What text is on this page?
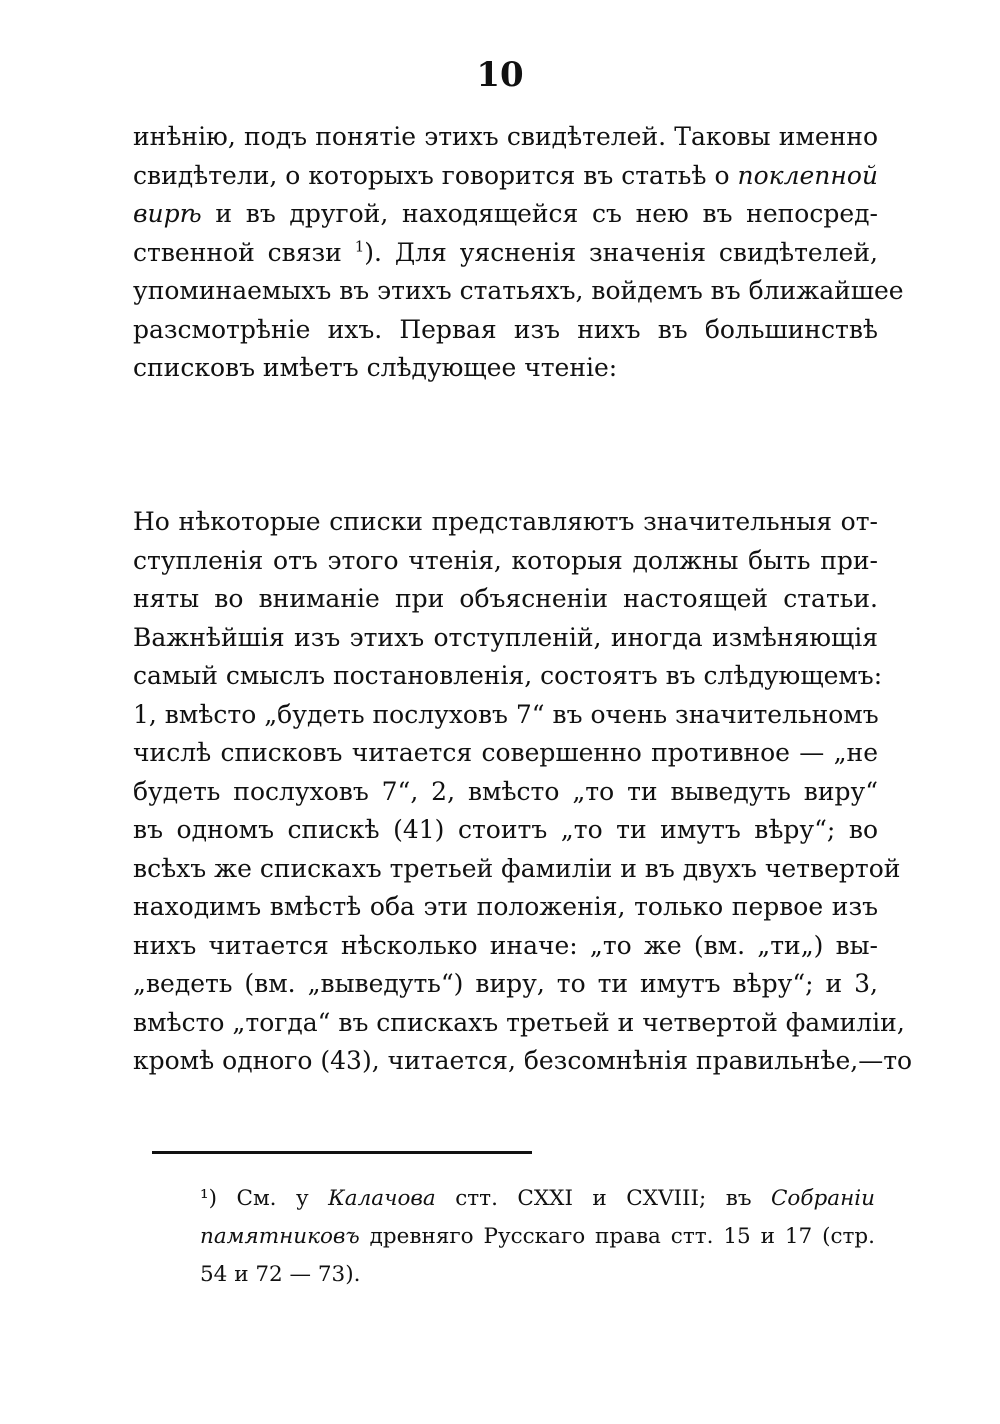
10
инѣнію, подъ понятіе этихъ свидѣтелей. Таковы именно
свидѣтели, о которыхъ говорится въ статьѣ о поклепной
вирѣ и въ другой, находящейся съ нею въ непосред-
ственной связи $^1$). Для уясненія значенія свидѣтелей,
упоминаемыхъ въ этихъ статьяхъ, войдемъ въ ближайшее
разсмотрѣніе ихъ. Первая изъ нихъ въ большинствѣ
списковъ имѣетъ слѣдующее чтеніе:
Но нѣкоторые списки представляютъ значительныя от-
ступленія отъ этого чтенія, которыя должны быть при-
няты во вниманіе при объясненіи настоящей статьи.
Важнѣйшія изъ этихъ отступленій, иногда измѣняющія
самый смыслъ постановленія, состоятъ въ слѣдующемъ:
1, вмѣсто „будеть послуховъ 7“ въ очень значительномъ
числѣ списковъ читается совершенно противное — „не
будеть послуховъ 7“, 2, вмѣсто „то ти выведуть виру“
въ одномъ спискѣ (41) стоитъ „то ти имутъ вѣру“; во
всѣхъ же спискахъ третьей фамиліи и въ двухъ четвертой
находимъ вмѣстѣ оба эти положенія, только первое изъ
нихъ читается нѣсколько иначе: „то же (вм. „ти„) вы-
„ведеть (вм. „выведуть“) виру, то ти имутъ вѣру“; и 3,
вмѣсто „тогда“ въ спискахъ третьей и четвертой фамиліи,
кромѣ одного (43), читается, безсомнѣнія правильнѣе,—то
¹) См. у Калачова стт. CXXI и CXVIII; въ Собраніи
памятниковъ древняго Русскаго права стт. 15 и 17 (стр.
54 и 72 — 73).
